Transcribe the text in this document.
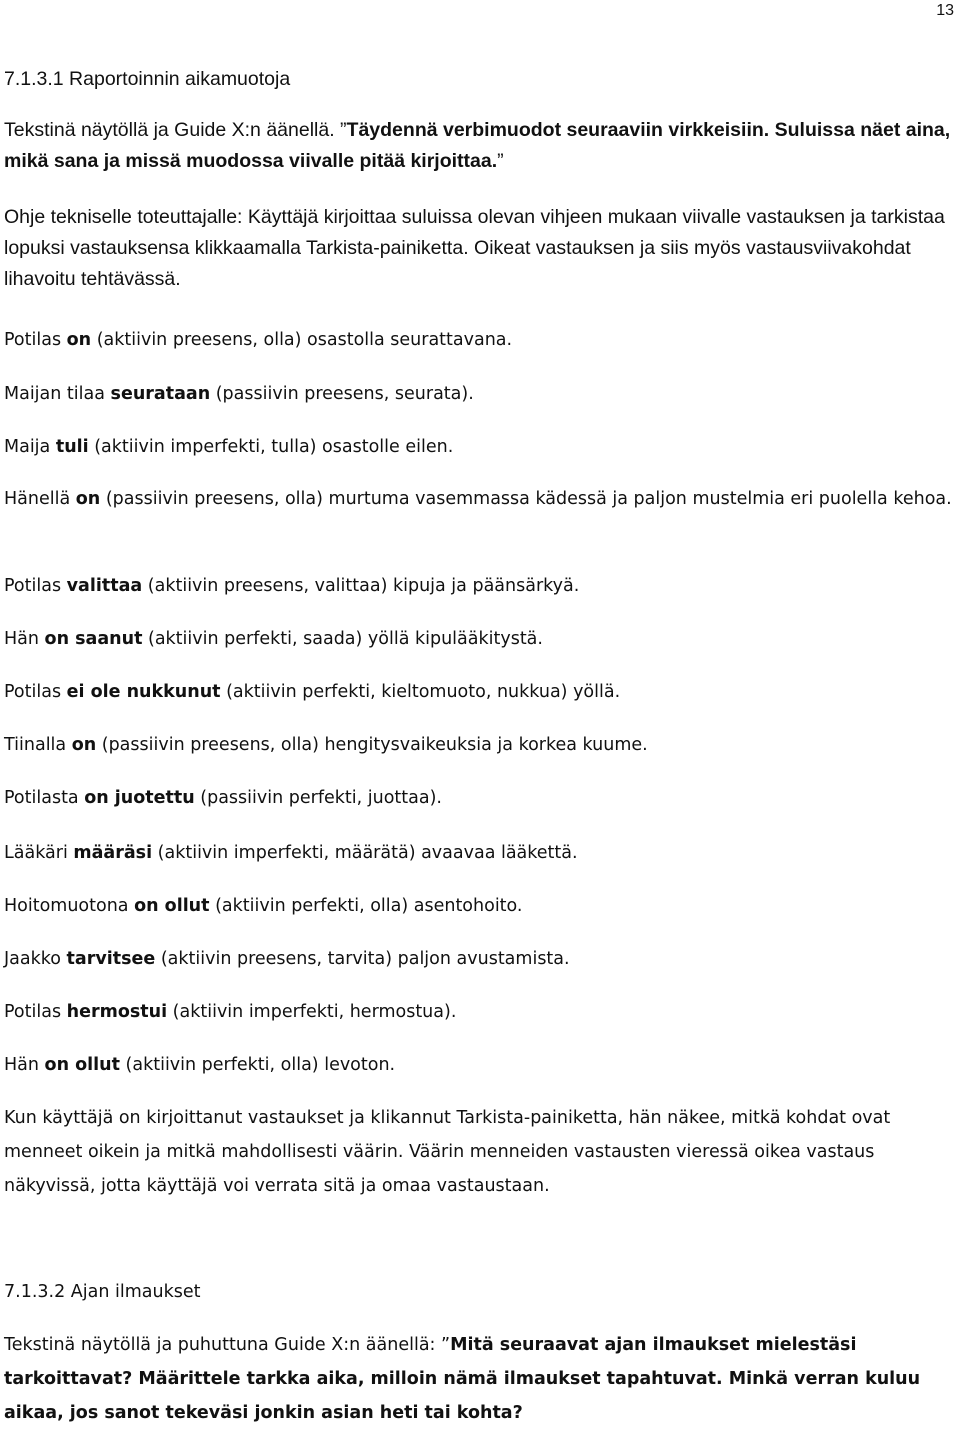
13

7.1.3.1 Raportoinnin aikamuotoja

Tekstinä näytöllä ja Guide X:n äänellä. ”Täydennä verbimuodot seuraaviin virkkeisiin. Suluissa näet aina, mikä sana ja missä muodossa viivalle pitää kirjoittaa.”

Ohje tekniselle toteuttajalle: Käyttäjä kirjoittaa suluissa olevan vihjeen mukaan viivalle vastauksen ja tarkistaa lopuksi vastauksensa klikkaamalla Tarkista-painiketta. Oikeat vastauksen ja siis myös vastausviivakohdat lihavoitu tehtävässä.

Potilas on (aktiivin preesens, olla) osastolla seurattavana.

Maijan tilaa seurataan (passiivin preesens, seurata).

Maija tuli (aktiivin imperfekti, tulla) osastolle eilen.

Hänellä on (passiivin preesens, olla) murtuma vasemmassa kädessä ja paljon mustelmia eri puolella kehoa.

Potilas valittaa (aktiivin preesens, valittaa) kipuja ja päänsärkyä.

Hän on saanut (aktiivin perfekti, saada) yöllä kipulääkitystä.

Potilas ei ole nukkunut (aktiivin perfekti, kieltomuoto, nukkua) yöllä.

Tiinalla on (passiivin preesens, olla) hengitysvaikeuksia ja korkea kuume.

Potilasta on juotettu (passiivin perfekti, juottaa).

Lääkäri määräsi (aktiivin imperfekti, määrätä) avaavaa lääkettä.

Hoitomuotona on ollut (aktiivin perfekti, olla) asentohoito.

Jaakko tarvitsee (aktiivin preesens, tarvita) paljon avustamista.

Potilas hermostui (aktiivin imperfekti, hermostua).

Hän on ollut (aktiivin perfekti, olla) levoton.

Kun käyttäjä on kirjoittanut vastaukset ja klikannut Tarkista-painiketta, hän näkee, mitkä kohdat ovat menneet oikein ja mitkä mahdollisesti väärin. Väärin menneiden vastausten vieressä oikea vastaus näkyvissä, jotta käyttäjä voi verrata sitä ja omaa vastaustaan.

7.1.3.2 Ajan ilmaukset

Tekstinä näytöllä ja puhuttuna Guide X:n äänellä: ”Mitä seuraavat ajan ilmaukset mielestäsi tarkoittavat? Määrittele tarkka aika, milloin nämä ilmaukset tapahtuvat. Minkä verran kuluu aikaa, jos sanot tekeväsi jonkin asian heti tai kohta?
